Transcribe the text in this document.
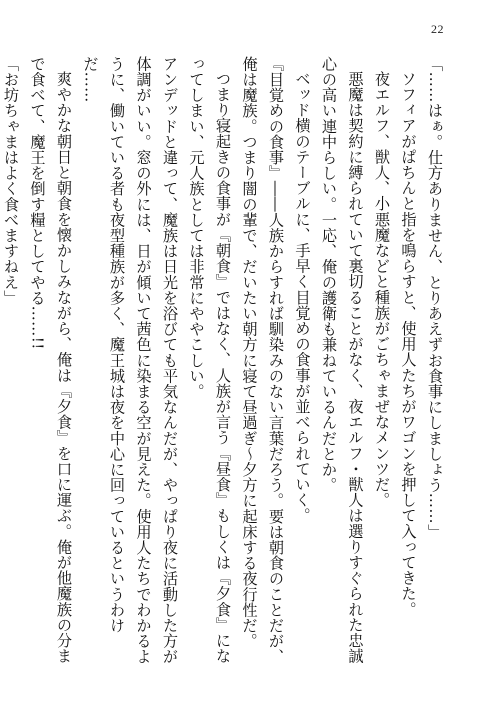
22

「……はぁ。仕方ありません、とりあえずお食事にしましょう……」

ソフィアがぱちんと指を鳴らすと、使用人たちがワゴンを押して入ってきた。

夜エルフ、獣人、小悪魔などと種族がごちゃまぜなメンツだ。

悪魔は契約に縛られていて裏切ることがなく、夜エルフ・獣人は選りすぐられた忠誠心の高い連中らしい。一応、俺の護衛も兼ねているんだとか。

ベッド横のテーブルに、手早く目覚めの食事が並べられていく。

『目覚めの食事』――人族からすれば馴染みのない言葉だろう。要は朝食のことだが、俺は魔族。つまり闇の輩で、だいたい朝方に寝て昼過ぎ～夕方に起床する夜行性だ。

つまり寝起きの食事が『朝食』ではなく、人族が言う『昼食』もしくは『夕食』になってしまい、元人族としては非常にややこしい。

アンデッドと違って、魔族は日光を浴びても平気なんだが、やっぱり夜に活動した方が体調がいい。窓の外には、日が傾いて茜色に染まる空が見えた。使用人たちでわかるように、働いている者も夜型種族が多く、魔王城は夜を中心に回っているというわけだ……

爽やかな朝日と朝食を懐かしみながら、俺は『夕食』を口に運ぶ。俺が他魔族の分まで食べて、魔王を倒す糧としてやる……!!

「お坊ちゃまはよく食べますねえ」
